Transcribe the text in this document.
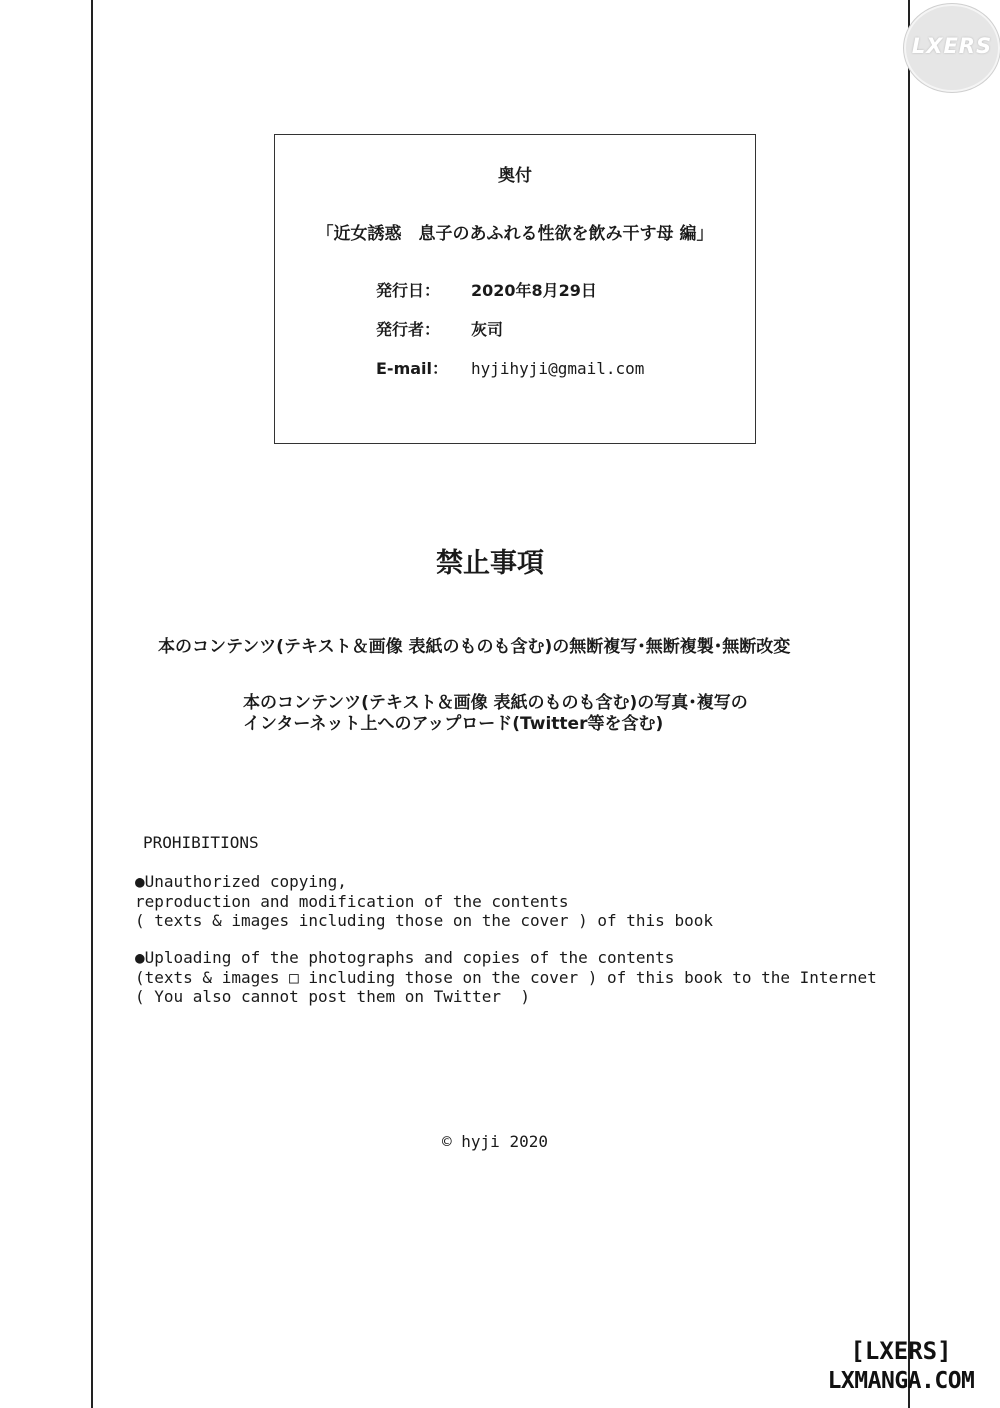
LXERS
奥付
「近女誘惑　息子のあふれる性欲を飲み干す母 編」
発行日： 2020年8月29日
発行者： 灰司
E-mail： hyjihyji@gmail.com
禁止事項
本のコンテンツ(テキスト＆画像 表紙のものも含む)の無断複写･無断複製･無断改変
本のコンテンツ(テキスト＆画像 表紙のものも含む)の写真･複写の
インターネット上へのアップロード(Twitter等を含む)
PROHIBITIONS
●Unauthorized copying,
reproduction and modification of the contents
( texts & images including those on the cover ) of this book
●Uploading of the photographs and copies of the contents
(texts & images □ including those on the cover ) of this book to the Internet
( You also cannot post them on Twitter  )
© hyji 2020
[LXERS]
LXMANGA.COM
